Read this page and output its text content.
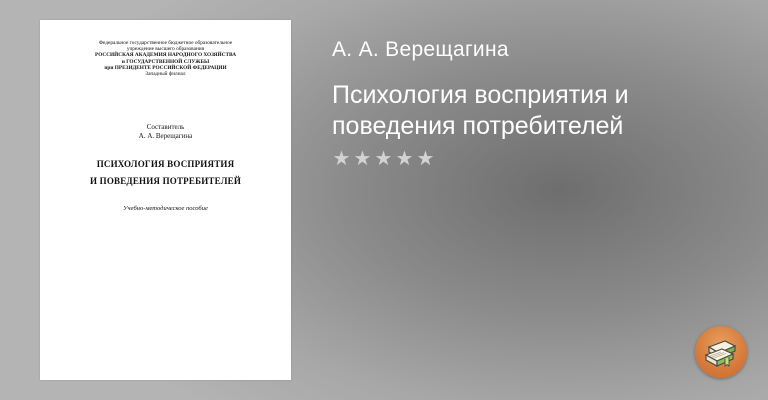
Федеральное государственное бюджетное образовательное
учреждение высшего образования
РОССИЙСКАЯ АКАДЕМИЯ НАРОДНОГО ХОЗЯЙСТВА
и ГОСУДАРСТВЕННОЙ СЛУЖБЫ
при ПРЕЗИДЕНТЕ РОССИЙСКОЙ ФЕДЕРАЦИИ
Западный филиал
Составитель
А. А. Верещагина
ПСИХОЛОГИЯ ВОСПРИЯТИЯ
И ПОВЕДЕНИЯ ПОТРЕБИТЕЛЕЙ
Учебно-методическое пособие
А. А. Верещагина
Психология восприятия и поведения потребителей
★ ★ ★ ★ ★
